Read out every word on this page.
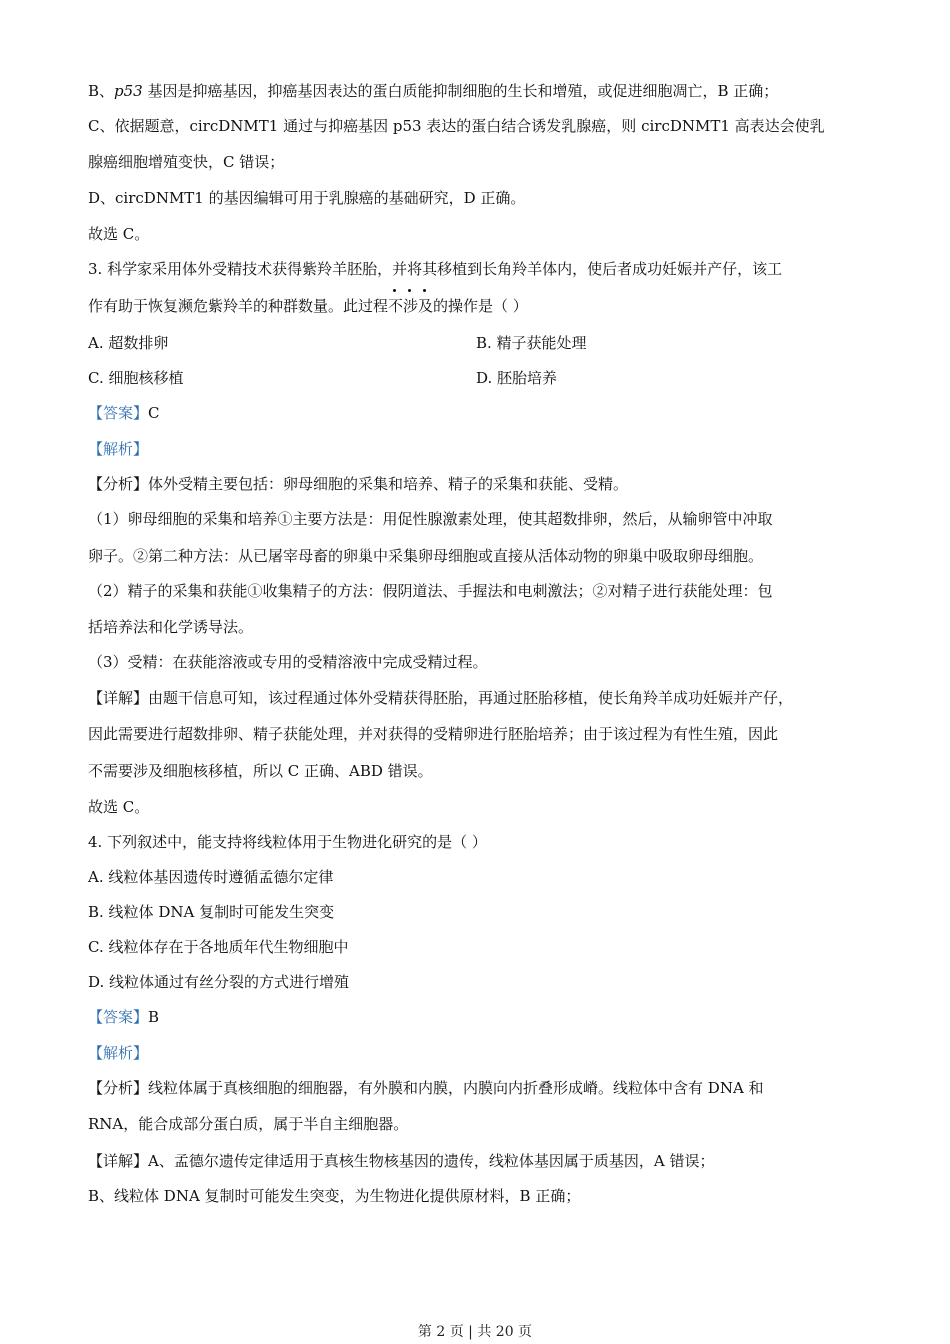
B、p53 基因是抑癌基因，抑癌基因表达的蛋白质能抑制细胞的生长和增殖，或促进细胞凋亡，B 正确；
C、依据题意，circDNMT1 通过与抑癌基因 p53 表达的蛋白结合诱发乳腺癌，则 circDNMT1 高表达会使乳
腺癌细胞增殖变快，C 错误；
D、circDNMT1 的基因编辑可用于乳腺癌的基础研究，D 正确。
故选 C。
3. 科学家采用体外受精技术获得紫羚羊胚胎，并将其移植到长角羚羊体内，使后者成功妊娠并产仔，该工
作有助于恢复濒危紫羚羊的种群数量。此过程
不涉及的操作是（ ）
A. 超数排卵	B. 精子获能处理
C. 细胞核移植	D. 胚胎培养
【答案】C
【解析】
【分析】体外受精主要包括：卵母细胞的采集和培养、精子的采集和获能、受精。
（1）卵母细胞的采集和培养①主要方法是：用促性腺激素处理，使其超数排卵，然后，从输卵管中冲取
卵子。②第二种方法：从已屠宰母畜的卵巢中采集卵母细胞或直接从活体动物的卵巢中吸取卵母细胞。
（2）精子的采集和获能①收集精子的方法：假阴道法、手握法和电刺激法；②对精子进行获能处理：包
括培养法和化学诱导法。
（3）受精：在获能溶液或专用的受精溶液中完成受精过程。
【详解】由题干信息可知，该过程通过体外受精获得胚胎，再通过胚胎移植，使长角羚羊成功妊娠并产仔，
因此需要进行超数排卵、精子获能处理，并对获得的受精卵进行胚胎培养；由于该过程为有性生殖，因此
不需要涉及细胞核移植，所以 C 正确、ABD 错误。
故选 C。
4. 下列叙述中，能支持将线粒体用于生物进化研究的是（ ）
A. 线粒体基因遗传时遵循孟德尔定律
B. 线粒体 DNA 复制时可能发生突变
C. 线粒体存在于各地质年代生物细胞中
D. 线粒体通过有丝分裂的方式进行增殖
【答案】B
【解析】
【分析】线粒体属于真核细胞的细胞器，有外膜和内膜，内膜向内折叠形成嵴。线粒体中含有 DNA 和
RNA，能合成部分蛋白质，属于半自主细胞器。
【详解】A、孟德尔遗传定律适用于真核生物核基因的遗传，线粒体基因属于质基因，A 错误；
B、线粒体 DNA 复制时可能发生突变，为生物进化提供原材料，B 正确；
第 2 页 | 共 20 页
